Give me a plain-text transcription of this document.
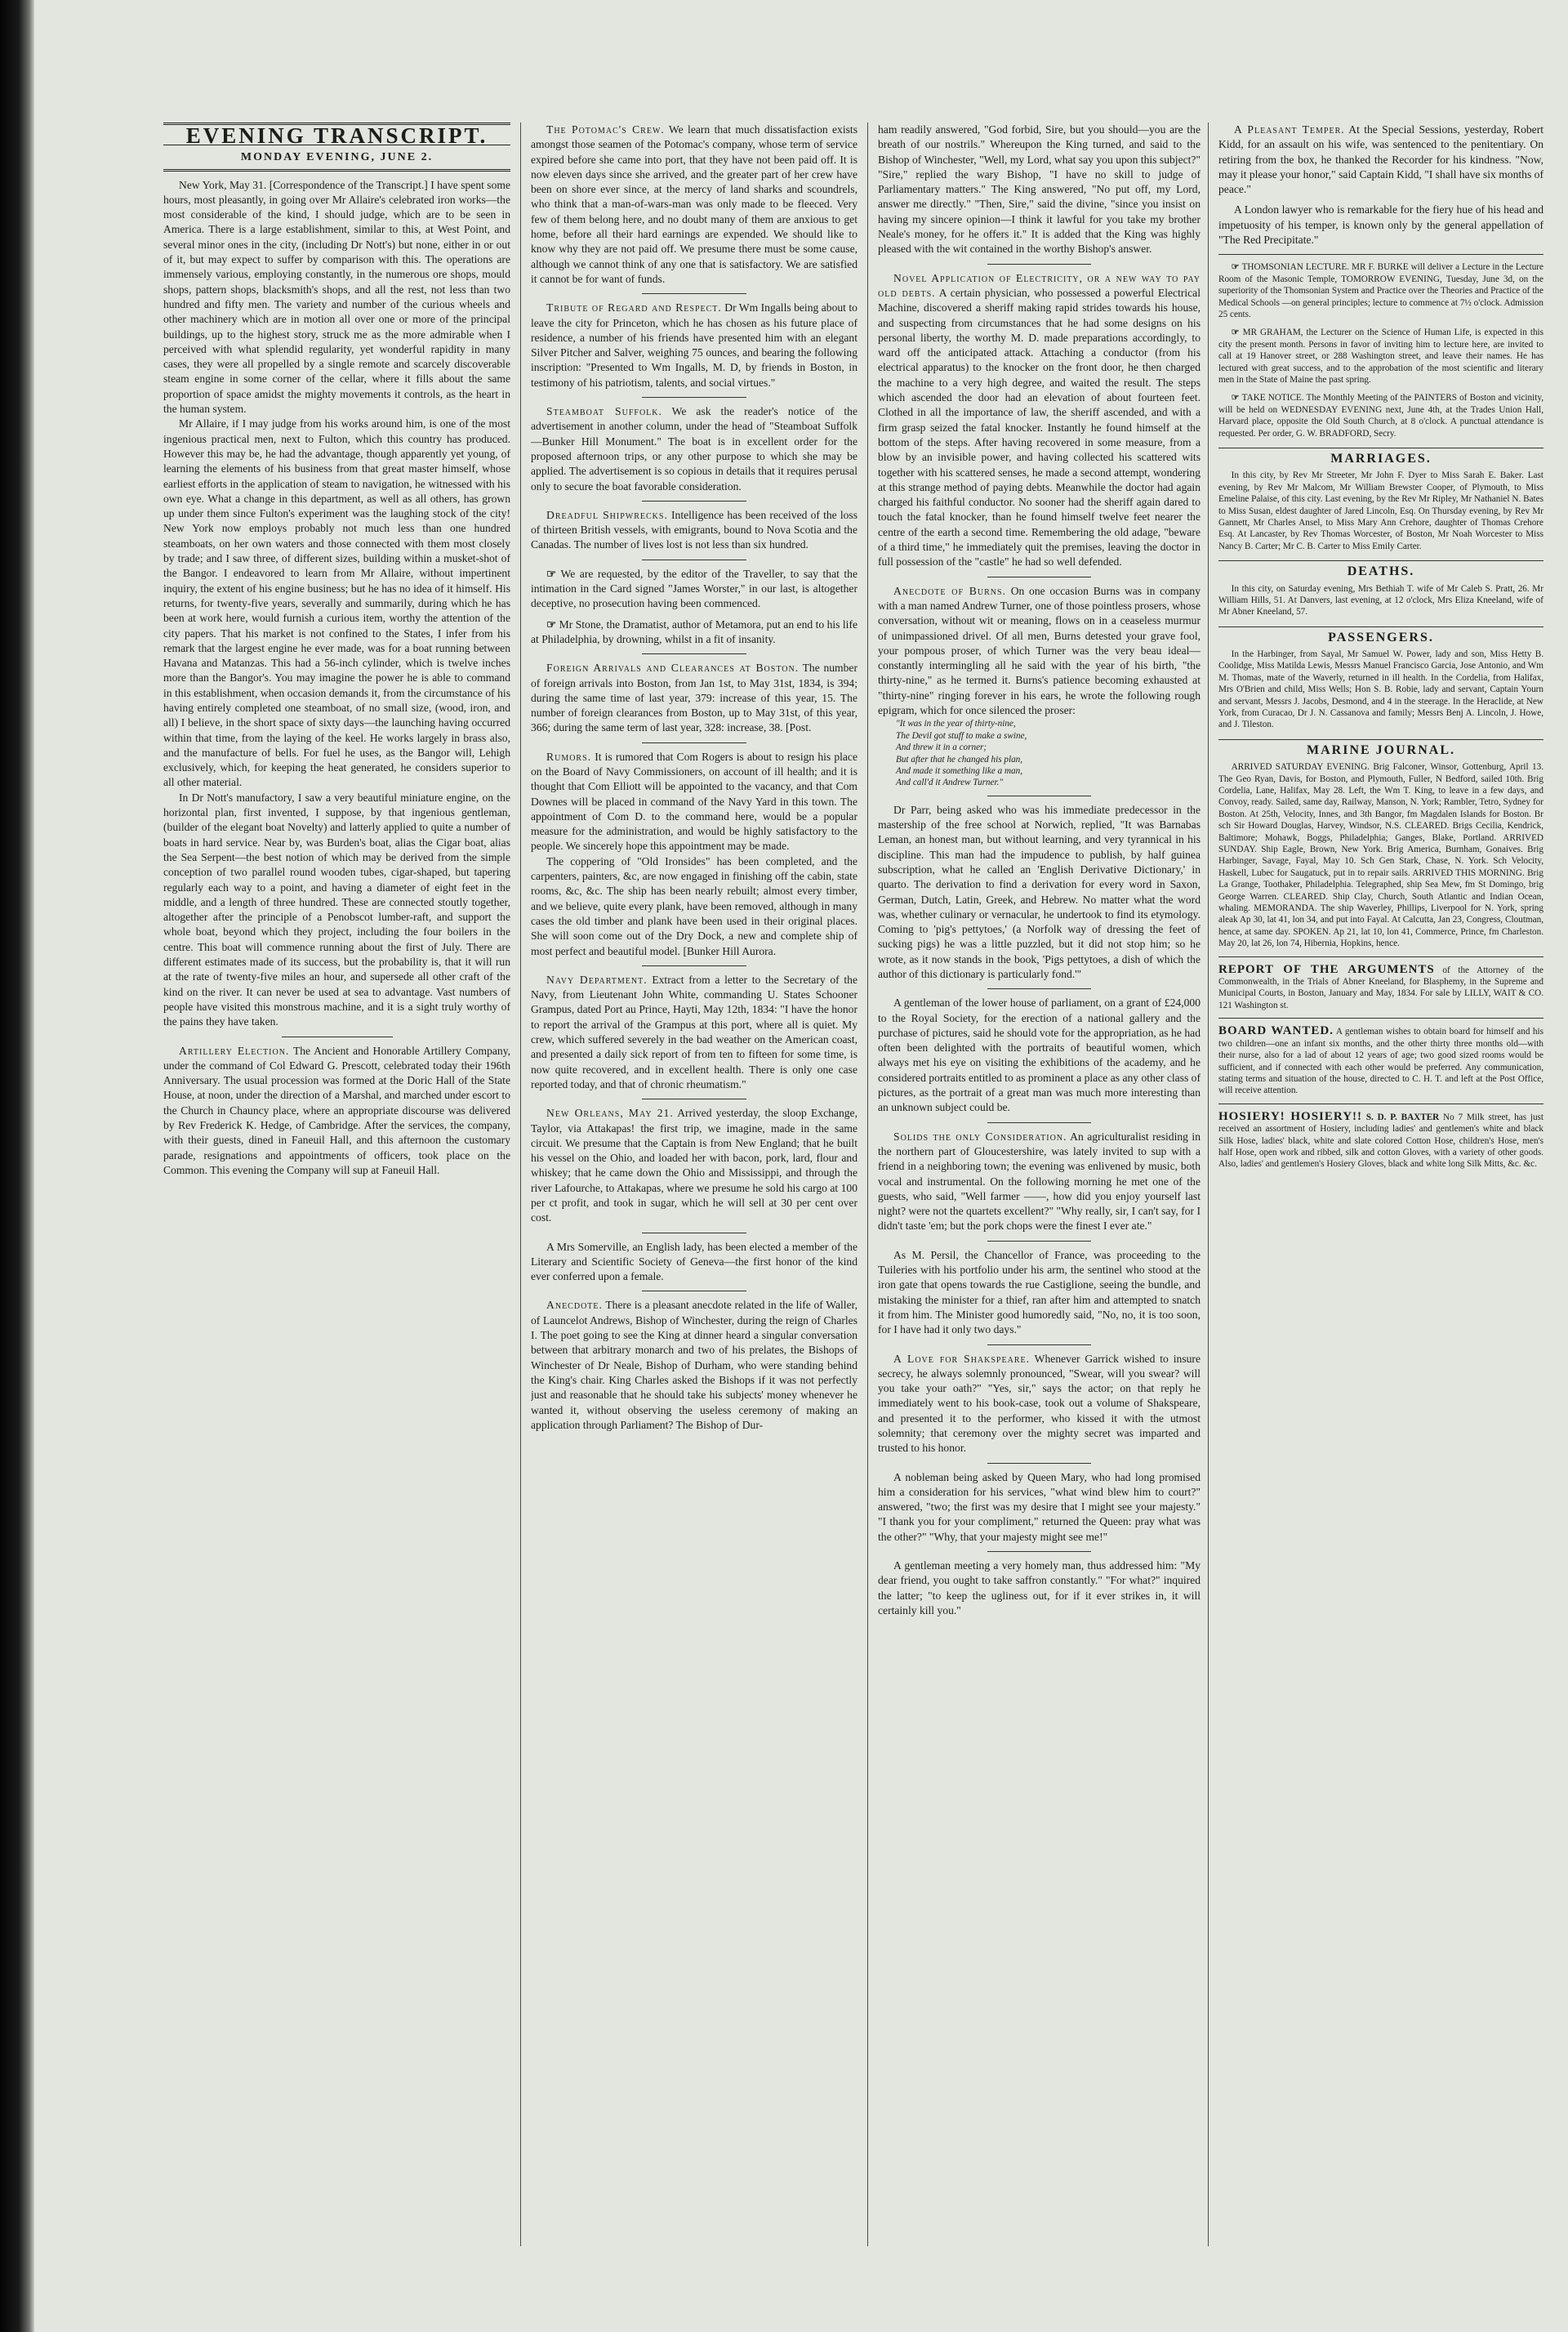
EVENING TRANSCRIPT.
MONDAY EVENING, JUNE 2.

New York, May 31. [Correspondence of the Transcript.] I have spent some hours, most pleasantly, in going over Mr Allaire's celebrated iron works—the most considerable of the kind, I should judge, which are to be seen in America. There is a large establishment, similar to this, at West Point, and several minor ones in the city, (including Dr Nott's) but none, either in or out of it, but may expect to suffer by comparison with this. The operations are immensely various, employing constantly, in the numerous ore shops, mould shops, pattern shops, blacksmith's shops, and all the rest, not less than two hundred and fifty men. The variety and number of the curious wheels and other machinery which are in motion all over one or more of the principal buildings, up to the highest story, struck me as the more admirable when I perceived with what splendid regularity, yet wonderful rapidity in many cases, they were all propelled by a single remote and scarcely discoverable steam engine in some corner of the cellar, where it fills about the same proportion of space amidst the mighty movements it controls, as the heart in the human system.

Mr Allaire, if I may judge from his works around him, is one of the most ingenious practical men, next to Fulton, which this country has produced. However this may be, he had the advantage, though apparently yet young, of learning the elements of his business from that great master himself, whose earliest efforts in the application of steam to navigation, he witnessed with his own eye. What a change in this department, as well as all others, has grown up under them since Fulton's experiment was the laughing stock of the city! New York now employs probably not much less than one hundred steamboats, on her own waters and those connected with them most closely by trade; and I saw three, of different sizes, building within a musket-shot of the Bangor. I endeavored to learn from Mr Allaire, without impertinent inquiry, the extent of his engine business; but he has no idea of it himself. His returns, for twenty-five years, severally and summarily, during which he has been at work here, would furnish a curious item, worthy the attention of the city papers. That his market is not confined to the States, I infer from his remark that the largest engine he ever made, was for a boat running between Havana and Matanzas. This had a 56-inch cylinder, which is twelve inches more than the Bangor's. You may imagine the power he is able to command in this establishment, when occasion demands it, from the circumstance of his having entirely completed one steamboat, of no small size, (wood, iron, and all) I believe, in the short space of sixty days—the launching having occurred within that time, from the laying of the keel. He works largely in brass also, and the manufacture of bells. For fuel he uses, as the Bangor will, Lehigh exclusively, which, for keeping the heat generated, he considers superior to all other material.

In Dr Nott's manufactory, I saw a very beautiful miniature engine, on the horizontal plan, first invented, I suppose, by that ingenious gentleman, (builder of the elegant boat Novelty) and latterly applied to quite a number of boats in hard service. Near by, was Burden's boat, alias the Cigar boat, alias the Sea Serpent—the best notion of which may be derived from the simple conception of two parallel round wooden tubes, cigar-shaped, but tapering regularly each way to a point, and having a diameter of eight feet in the middle, and a length of three hundred. These are connected stoutly together, altogether after the principle of a Penobscot lumber-raft, and support the whole boat, beyond which they project, including the four boilers in the centre. This boat will commence running about the first of July. There are different estimates made of its success, but the probability is, that it will run at the rate of twenty-five miles an hour, and supersede all other craft of the kind on the river. It can never be used at sea to advantage. Vast numbers of people have visited this monstrous machine, and it is a sight truly worthy of the pains they have taken.

Artillery Election. The Ancient and Honorable Artillery Company, under the command of Col Edward G. Prescott, celebrated today their 196th Anniversary. The usual procession was formed at the Doric Hall of the State House, at noon, under the direction of a Marshal, and marched under escort to the Church in Chauncy place, where an appropriate discourse was delivered by Rev Frederick K. Hedge, of Cambridge. After the services, the company, with their guests, dined in Faneuil Hall, and this afternoon the customary parade, resignations and appointments of officers, took place on the Common. This evening the Company will sup at Faneuil Hall.

The Potomac's Crew. We learn that much dissatisfaction exists amongst those seamen of the Potomac's company, whose term of service expired before she came into port, that they have not been paid off. It is now eleven days since she arrived, and the greater part of her crew have been on shore ever since, at the mercy of land sharks and scoundrels, who think that a man-of-wars-man was only made to be fleeced. Very few of them belong here, and no doubt many of them are anxious to get home, before all their hard earnings are expended. We should like to know why they are not paid off. We presume there must be some cause, although we cannot think of any one that is satisfactory. We are satisfied it cannot be for want of funds.

Tribute of Regard and Respect. Dr Wm Ingalls being about to leave the city for Princeton, which he has chosen as his future place of residence, a number of his friends have presented him with an elegant Silver Pitcher and Salver, weighing 75 ounces, and bearing the following inscription: "Presented to Wm Ingalls, M. D, by friends in Boston, in testimony of his patriotism, talents, and social virtues."

Steamboat Suffolk. We ask the reader's notice of the advertisement in another column, under the head of "Steamboat Suffolk—Bunker Hill Monument." The boat is in excellent order for the proposed afternoon trips, or any other purpose to which she may be applied. The advertisement is so copious in details that it requires perusal only to secure the boat favorable consideration.

Dreadful Shipwrecks. Intelligence has been received of the loss of thirteen British vessels, with emigrants, bound to Nova Scotia and the Canadas. The number of lives lost is not less than six hundred.

☞ We are requested, by the editor of the Traveller, to say that the intimation in the Card signed "James Worster," in our last, is altogether deceptive, no prosecution having been commenced.

☞ Mr Stone, the Dramatist, author of Metamora, put an end to his life at Philadelphia, by drowning, whilst in a fit of insanity.

Foreign Arrivals and Clearances at Boston. The number of foreign arrivals into Boston, from Jan 1st, to May 31st, 1834, is 394; during the same time of last year, 379: increase of this year, 15. The number of foreign clearances from Boston, up to May 31st, of this year, 366; during the same term of last year, 328: increase, 38. [Post.

Rumors. It is rumored that Com Rogers is about to resign his place on the Board of Navy Commissioners, on account of ill health; and it is thought that Com Elliott will be appointed to the vacancy, and that Com Downes will be placed in command of the Navy Yard in this town. The appointment of Com D. to the command here, would be a popular measure for the administration, and would be highly satisfactory to the people. We sincerely hope this appointment may be made.

The coppering of "Old Ironsides" has been completed, and the carpenters, painters, &c, are now engaged in finishing off the cabin, state rooms, &c, &c. The ship has been nearly rebuilt; almost every timber, and we believe, quite every plank, have been removed, although in many cases the old timber and plank have been used in their original places. She will soon come out of the Dry Dock, a new and complete ship of most perfect and beautiful model. [Bunker Hill Aurora.

Navy Department. Extract from a letter to the Secretary of the Navy, from Lieutenant John White, commanding U. States Schooner Grampus, dated Port au Prince, Hayti, May 12th, 1834: "I have the honor to report the arrival of the Grampus at this port, where all is quiet. My crew, which suffered severely in the bad weather on the American coast, and presented a daily sick report of from ten to fifteen for some time, is now quite recovered, and in excellent health. There is only one case reported today, and that of chronic rheumatism."

New Orleans, May 21. Arrived yesterday, the sloop Exchange, Taylor, via Attakapas! the first trip, we imagine, made in the same circuit. We presume that the Captain is from New England; that he built his vessel on the Ohio, and loaded her with bacon, pork, lard, flour and whiskey; that he came down the Ohio and Mississippi, and through the river Lafourche, to Attakapas, where we presume he sold his cargo at 100 per ct profit, and took in sugar, which he will sell at 30 per cent over cost.

A Mrs Somerville, an English lady, has been elected a member of the Literary and Scientific Society of Geneva—the first honor of the kind ever conferred upon a female.

Anecdote. There is a pleasant anecdote related in the life of Waller, of Launcelot Andrews, Bishop of Winchester, during the reign of Charles I. The poet going to see the King at dinner heard a singular conversation between that arbitrary monarch and two of his prelates, the Bishops of Winchester of Dr Neale, Bishop of Durham, who were standing behind the King's chair. King Charles asked the Bishops if it was not perfectly just and reasonable that he should take his subjects' money whenever he wanted it, without observing the useless ceremony of making an application through Parliament? The Bishop of Dur-

ham readily answered, "God forbid, Sire, but you should—you are the breath of our nostrils." Whereupon the King turned, and said to the Bishop of Winchester, "Well, my Lord, what say you upon this subject?" "Sire," replied the wary Bishop, "I have no skill to judge of Parliamentary matters." The King answered, "No put off, my Lord, answer me directly." "Then, Sire," said the divine, "since you insist on having my sincere opinion—I think it lawful for you take my brother Neale's money, for he offers it." It is added that the King was highly pleased with the wit contained in the worthy Bishop's answer.

Novel Application of Electricity, or a new way to pay old debts. A certain physician, who possessed a powerful Electrical Machine, discovered a sheriff making rapid strides towards his house, and suspecting from circumstances that he had some designs on his personal liberty, the worthy M. D. made preparations accordingly, to ward off the anticipated attack. Attaching a conductor (from his electrical apparatus) to the knocker on the front door, he then charged the machine to a very high degree, and waited the result. The steps which ascended the door had an elevation of about fourteen feet. Clothed in all the importance of law, the sheriff ascended, and with a firm grasp seized the fatal knocker. Instantly he found himself at the bottom of the steps. After having recovered in some measure, from a blow by an invisible power, and having collected his scattered wits together with his scattered senses, he made a second attempt, wondering at this strange method of paying debts. Meanwhile the doctor had again charged his faithful conductor. No sooner had the sheriff again dared to touch the fatal knocker, than he found himself twelve feet nearer the centre of the earth a second time. Remembering the old adage, "beware of a third time," he immediately quit the premises, leaving the doctor in full possession of the "castle" he had so well defended.

Anecdote of Burns. On one occasion Burns was in company with a man named Andrew Turner, one of those pointless prosers, whose conversation, without wit or meaning, flows on in a ceaseless murmur of unimpassioned drivel. Of all men, Burns detested your grave fool, your pompous proser, of which Turner was the very beau ideal—constantly intermingling all he said with the year of his birth, "the thirty-nine," as he termed it. Burns's patience becoming exhausted at "thirty-nine" ringing forever in his ears, he wrote the following rough epigram, which for once silenced the proser:

"It was in the year of thirty-nine,
The Devil got stuff to make a swine,
And threw it in a corner;
But after that he changed his plan,
And made it something like a man,
And call'd it Andrew Turner."

Dr Parr, being asked who was his immediate predecessor in the mastership of the free school at Norwich, replied, "It was Barnabas Leman, an honest man, but without learning, and very tyrannical in his discipline. This man had the impudence to publish, by half guinea subscription, what he called an 'English Derivative Dictionary,' in quarto. The derivation to find a derivation for every word in Saxon, German, Dutch, Latin, Greek, and Hebrew. No matter what the word was, whether culinary or vernacular, he undertook to find its etymology. Coming to 'pig's pettytoes,' (a Norfolk way of dressing the feet of sucking pigs) he was a little puzzled, but it did not stop him; so he wrote, as it now stands in the book, 'Pigs pettytoes, a dish of which the author of this dictionary is particularly fond.'"

A gentleman of the lower house of parliament, on a grant of £24,000 to the Royal Society, for the erection of a national gallery and the purchase of pictures, said he should vote for the appropriation, as he had often been delighted with the portraits of beautiful women, which always met his eye on visiting the exhibitions of the academy, and he considered portraits entitled to as prominent a place as any other class of pictures, as the portrait of a great man was much more interesting than an unknown subject could be.

Solids the only Consideration. An agriculturalist residing in the northern part of Gloucestershire, was lately invited to sup with a friend in a neighboring town; the evening was enlivened by music, both vocal and instrumental. On the following morning he met one of the guests, who said, "Well farmer ——, how did you enjoy yourself last night? were not the quartets excellent?" "Why really, sir, I can't say, for I didn't taste 'em; but the pork chops were the finest I ever ate."

As M. Persil, the Chancellor of France, was proceeding to the Tuileries with his portfolio under his arm, the sentinel who stood at the iron gate that opens towards the rue Castiglione, seeing the bundle, and mistaking the minister for a thief, ran after him and attempted to snatch it from him. The Minister good humoredly said, "No, no, it is too soon, for I have had it only two days."

A Love for Shakspeare. Whenever Garrick wished to insure secrecy, he always solemnly pronounced, "Swear, will you swear? will you take your oath?" "Yes, sir," says the actor; on that reply he immediately went to his book-case, took out a volume of Shakspeare, and presented it to the performer, who kissed it with the utmost solemnity; that ceremony over the mighty secret was imparted and trusted to his honor.

A nobleman being asked by Queen Mary, who had long promised him a consideration for his services, "what wind blew him to court?" answered, "two; the first was my desire that I might see your majesty." "I thank you for your compliment," returned the Queen: pray what was the other?" "Why, that your majesty might see me!"

A gentleman meeting a very homely man, thus addressed him: "My dear friend, you ought to take saffron constantly." "For what?" inquired the latter; "to keep the ugliness out, for if it ever strikes in, it will certainly kill you."

A Pleasant Temper. At the Special Sessions, yesterday, Robert Kidd, for an assault on his wife, was sentenced to the penitentiary. On retiring from the box, he thanked the Recorder for his kindness. "Now, may it please your honor," said Captain Kidd, "I shall have six months of peace."

A London lawyer who is remarkable for the fiery hue of his head and impetuosity of his temper, is known only by the general appellation of "The Red Precipitate."

☞ THOMSONIAN LECTURE. MR F. BURKE will deliver a Lecture in the Lecture Room of the Masonic Temple, TOMORROW EVENING, Tuesday, June 3d, on the superiority of the Thomsonian System and Practice over the Theories and Practice of the Medical Schools —on general principles; lecture to commence at 7½ o'clock. Admission 25 cents.

☞ MR GRAHAM, the Lecturer on the Science of Human Life, is expected in this city the present month. Persons in favor of inviting him to lecture here, are invited to call at 19 Hanover street, or 288 Washington street, and leave their names. He has lectured with great success, and to the approbation of the most scientific and literary men in the State of Maine the past spring.

☞ TAKE NOTICE. The Monthly Meeting of the PAINTERS of Boston and vicinity, will be held on WEDNESDAY EVENING next, June 4th, at the Trades Union Hall, Harvard place, opposite the Old South Church, at 8 o'clock. A punctual attendance is requested. Per order, G. W. BRADFORD, Secry.

MARRIAGES.

In this city, by Rev Mr Streeter, Mr John F. Dyer to Miss Sarah E. Baker. Last evening, by Rev Mr Malcom, Mr William Brewster Cooper, of Plymouth, to Miss Emeline Palaise, of this city. Last evening, by the Rev Mr Ripley, Mr Nathaniel N. Bates to Miss Susan, eldest daughter of Jared Lincoln, Esq. On Thursday evening, by Rev Mr Gannett, Mr Charles Ansel, to Miss Mary Ann Crehore, daughter of Thomas Crehore Esq. At Lancaster, by Rev Thomas Worcester, of Boston, Mr Noah Worcester to Miss Nancy B. Carter; Mr C. B. Carter to Miss Emily Carter.

DEATHS.

In this city, on Saturday evening, Mrs Bethiah T. wife of Mr Caleb S. Pratt, 26. Mr William Hills, 51. At Danvers, last evening, at 12 o'clock, Mrs Eliza Kneeland, wife of Mr Abner Kneeland, 57.

PASSENGERS.

In the Harbinger, from Sayal, Mr Samuel W. Power, lady and son, Miss Hetty B. Coolidge, Miss Matilda Lewis, Messrs Manuel Francisco Garcia, Jose Antonio, and Wm M. Thomas, mate of the Waverly, returned in ill health. In the Cordelia, from Halifax, Mrs O'Brien and child, Miss Wells; Hon S. B. Robie, lady and servant, Captain Yourn and servant, Messrs J. Jacobs, Desmond, and 4 in the steerage. In the Heraclide, at New York, from Curacao, Dr J. N. Cassanova and family; Messrs Benj A. Lincoln, J. Howe, and J. Tileston.

MARINE JOURNAL.

ARRIVED SATURDAY EVENING. Brig Falconer, Winsor, Gottenburg, April 13. The Geo Ryan, Davis, for Boston, and Plymouth, Fuller, N Bedford, sailed 10th. Brig Cordelia, Lane, Halifax, May 28. Left, the Wm T. King, to leave in a few days, and Convoy, ready. Sailed, same day, Railway, Manson, N. York; Rambler, Tetro, Sydney for Boston. At 25th, Velocity, Innes, and 3th Bangor, fm Magdalen Islands for Boston. Br sch Sir Howard Douglas, Harvey, Windsor, N.S. CLEARED. Brigs Cecilia, Kendrick, Baltimore; Mohawk, Boggs, Philadelphia; Ganges, Blake, Portland. ARRIVED SUNDAY. Ship Eagle, Brown, New York. Brig America, Burnham, Gonaives. Brig Harbinger, Savage, Fayal, May 10. Sch Gen Stark, Chase, N. York. Sch Velocity, Haskell, Lubec for Saugatuck, put in to repair sails. ARRIVED THIS MORNING. Brig La Grange, Toothaker, Philadelphia. Telegraphed, ship Sea Mew, fm St Domingo, brig George Warren. CLEARED. Ship Clay, Church, South Atlantic and Indian Ocean, whaling. MEMORANDA. The ship Waverley, Phillips, Liverpool for N. York, spring aleak Ap 30, lat 41, lon 34, and put into Fayal. At Calcutta, Jan 23, Congress, Cloutman, hence, at same day. SPOKEN. Ap 21, lat 10, lon 41, Commerce, Prince, fm Charleston. May 20, lat 26, lon 74, Hibernia, Hopkins, hence.

REPORT OF THE ARGUMENTS of the Attorney of the Commonwealth, in the Trials of Abner Kneeland, for Blasphemy, in the Supreme and Municipal Courts, in Boston, January and May, 1834. For sale by LILLY, WAIT & CO. 121 Washington st.

BOARD WANTED. A gentleman wishes to obtain board for himself and his two children—one an infant six months, and the other thirty three months old—with their nurse, also for a lad of about 12 years of age; two good sized rooms would be sufficient, and if connected with each other would be preferred. Any communication, stating terms and situation of the house, directed to C. H. T. and left at the Post Office, will receive attention.

HOSIERY! HOSIERY!! S. D. P. BAXTER No 7 Milk street, has just received an assortment of Hosiery, including ladies' and gentlemen's white and black Silk Hose, ladies' black, white and slate colored Cotton Hose, children's Hose, men's half Hose, open work and ribbed, silk and cotton Gloves, with a variety of other goods. Also, ladies' and gentlemen's Hosiery Gloves, black and white long Silk Mitts, &c. &c.
